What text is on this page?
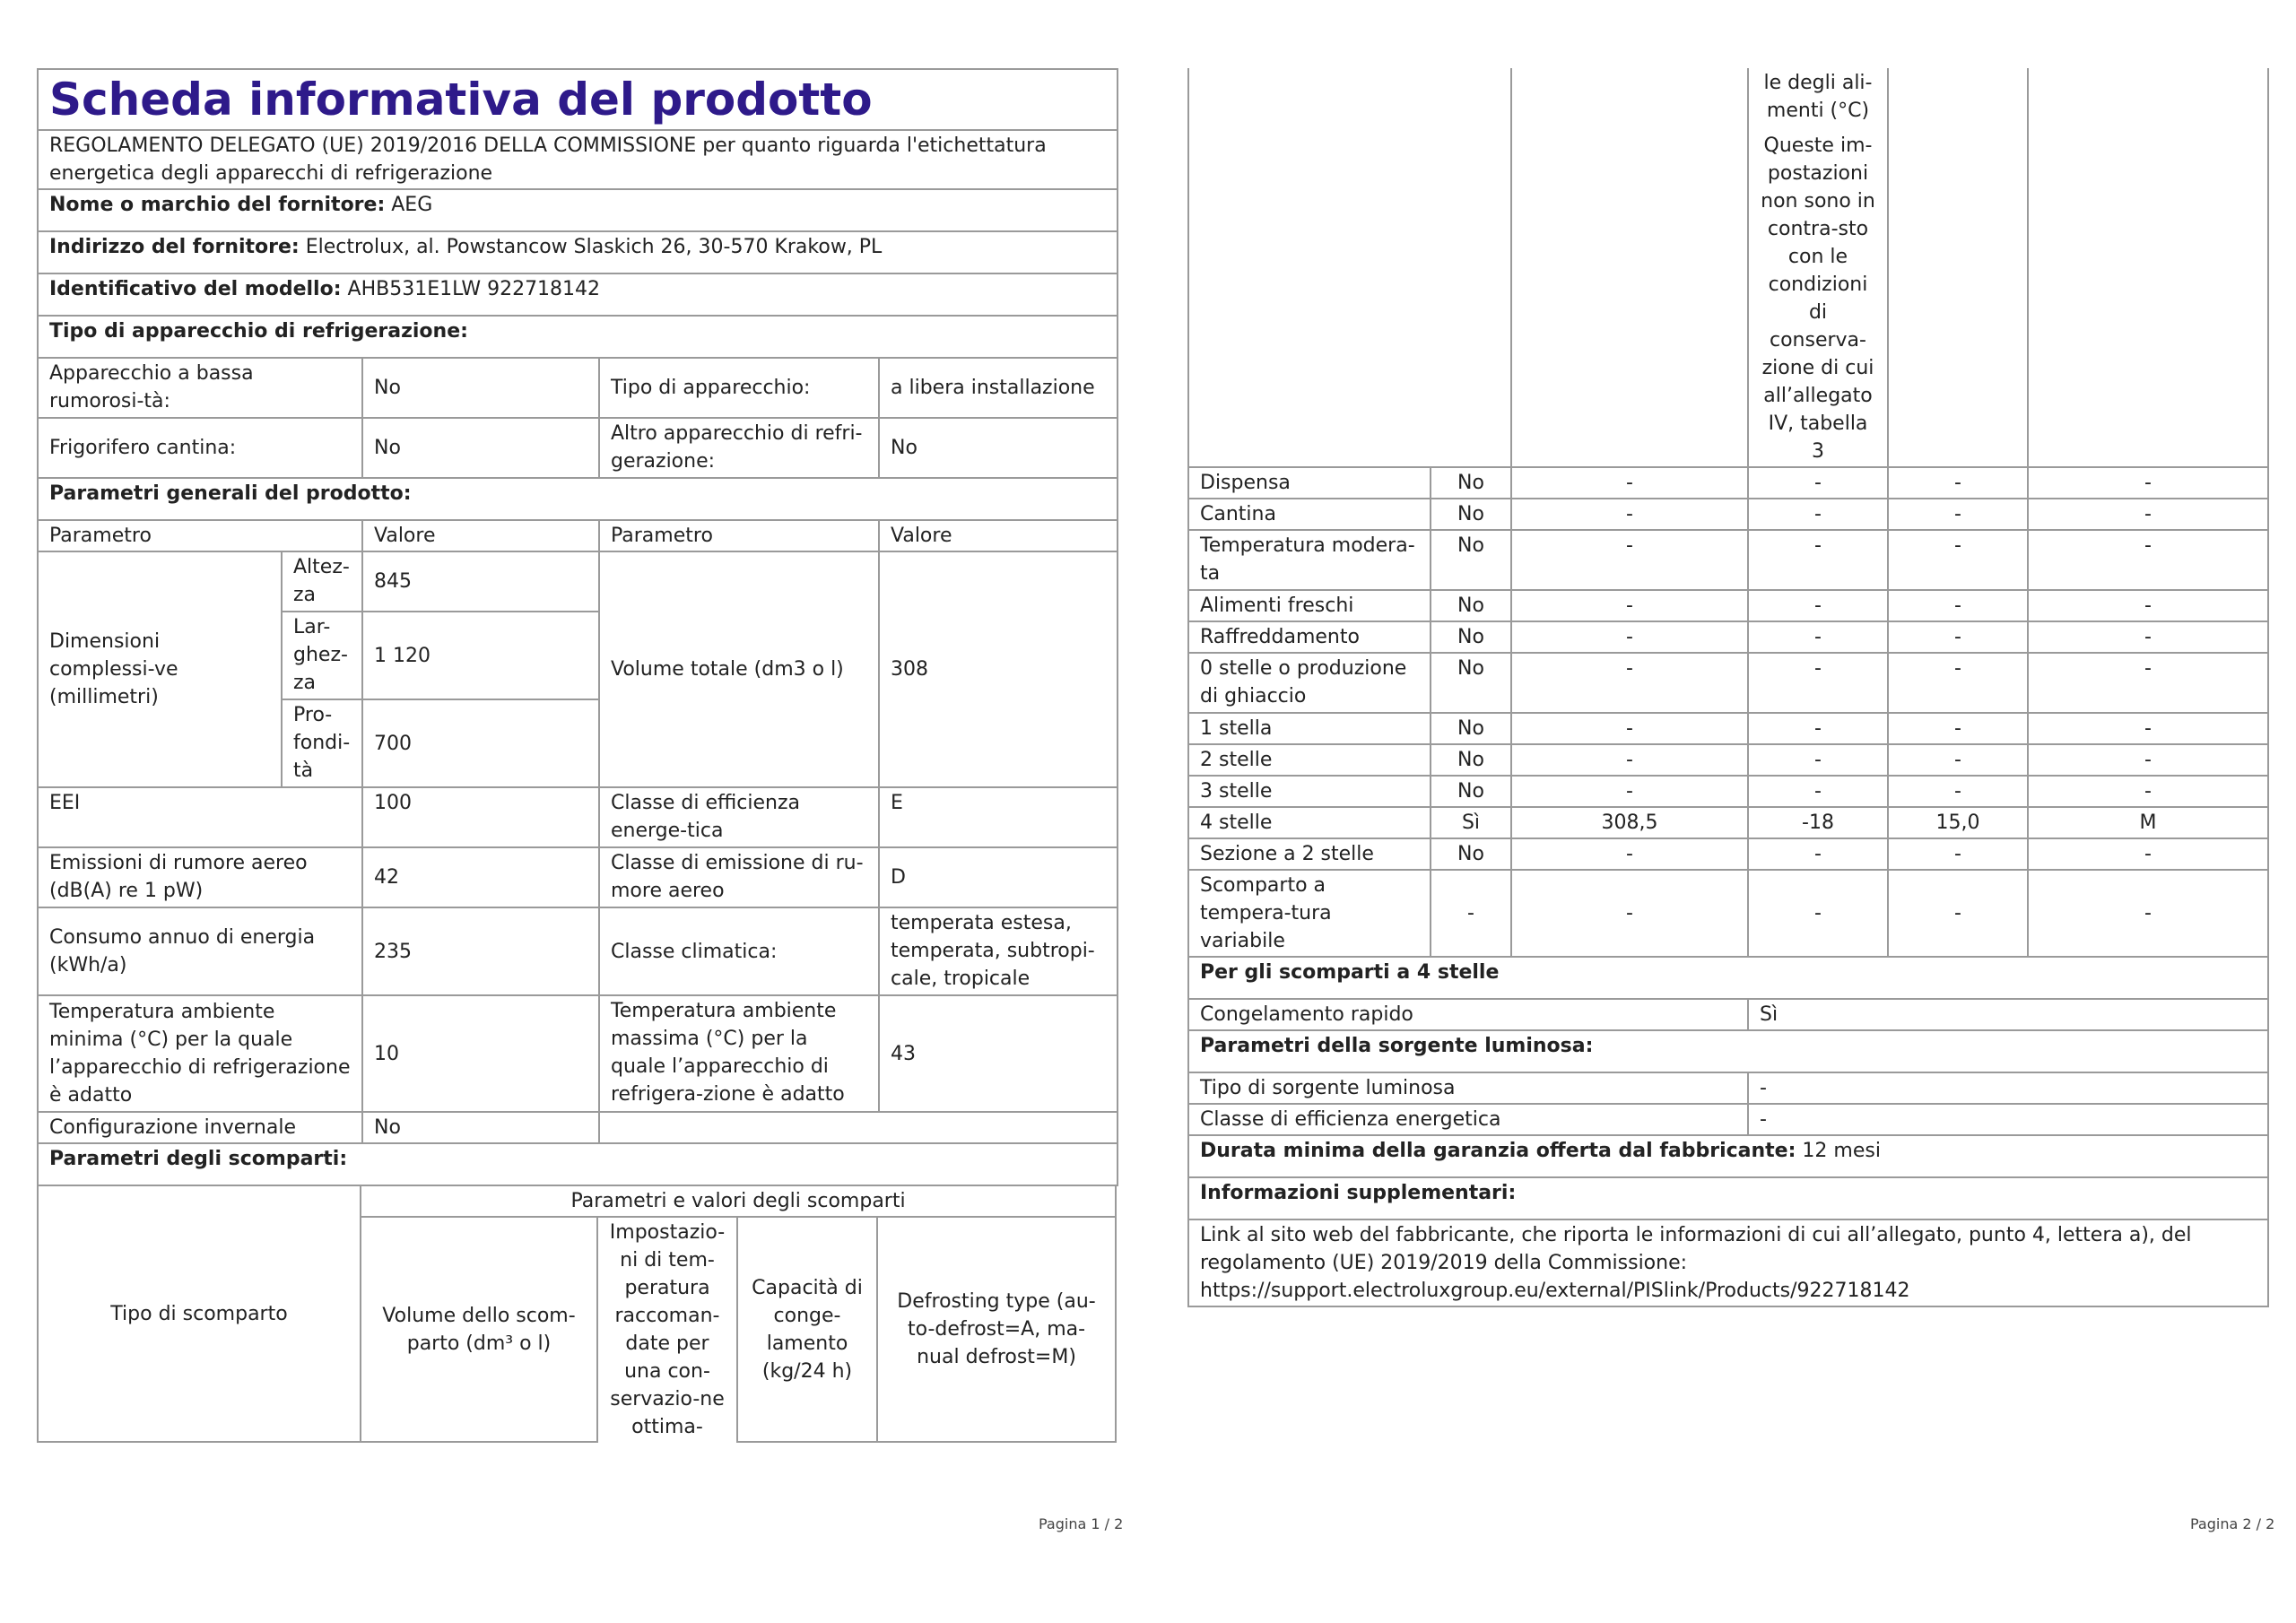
Scheda informativa del prodotto				
REGOLAMENTO DELEGATO (UE) 2019/2016 DELLA COMMISSIONE per quanto riguarda l'etichettatura energetica degli apparecchi di refrigerazione				
Nome o marchio del fornitore: AEG				
Indirizzo del fornitore: Electrolux, al. Powstancow Slaskich 26, 30-570 Krakow, PL				
Identificativo del modello: AHB531E1LW 922718142				
Tipo di apparecchio di refrigerazione:				
Apparecchio a bassa rumorosi-tà:		No	Tipo di apparecchio:	a libera installazione
Frigorifero cantina:		No	Altro apparecchio di refri-gerazione:	No
Parametri generali del prodotto:				
Parametro		Valore	Parametro	Valore
Dimensioni complessi-ve (millimetri)	Altez-za	845	Volume totale (dm3 o l)	308
	Lar-ghez-za	1 120		
	Pro-fondi-tà	700		
EEI		100	Classe di efficienza energe-tica	E
Emissioni di rumore aereo (dB(A) re 1 pW)		42	Classe di emissione di ru-more aereo	D
Consumo annuo di energia (kWh/a)		235	Classe climatica:	temperata estesa, temperata, subtropi-cale, tropicale
Temperatura ambiente minima (°C) per la quale l’apparecchio di refrigerazione è adatto		10	Temperatura ambiente massima (°C) per la quale l’apparecchio di refrigera-zione è adatto	43
Configurazione invernale		No		
Parametri degli scomparti:				
Tipo di scomparto	Parametri e valori degli scomparti			
	Volume dello scom-parto (dm³ o l)	Impostazio-ni di tem-peratura raccoman-date per una con-servazio-ne ottima-	Capacità di conge-lamento (kg/24 h)	Defrosting type (au-to-defrost=A, ma-nual defrost=M)
Pagina 1 / 2

			le degli ali-menti (°C)
Queste im-postazioni non sono in contra-sto con le condizioni di conserva-zione di cui all’allegato IV, tabella 3		

Dispensa	No	-	-	-	-
Cantina	No	-	-	-	-
Temperatura modera-ta	No	-	-	-	-
Alimenti freschi	No	-	-	-	-
Raffreddamento	No	-	-	-	-
0 stelle o produzione di ghiaccio	No	-	-	-	-
1 stella	No	-	-	-	-
2 stelle	No	-	-	-	-
3 stelle	No	-	-	-	-
4 stelle	Sì	308,5	-18	15,0	M
Sezione a 2 stelle	No	-	-	-	-
Scomparto a tempera-tura variabile	-	-	-	-	-
Per gli scomparti a 4 stelle					
Congelamento rapido			Sì		
Parametri della sorgente luminosa:					
Tipo di sorgente luminosa			-		
Classe di efficienza energetica			-		
Durata minima della garanzia offerta dal fabbricante: 12 mesi					
Informazioni supplementari:					
Link al sito web del fabbricante, che riporta le informazioni di cui all’allegato, punto 4, lettera a), del regolamento (UE) 2019/2019 della Commissione: https://support.electroluxgroup.eu/external/PISlink/Products/922718142					
Pagina 2 / 2
